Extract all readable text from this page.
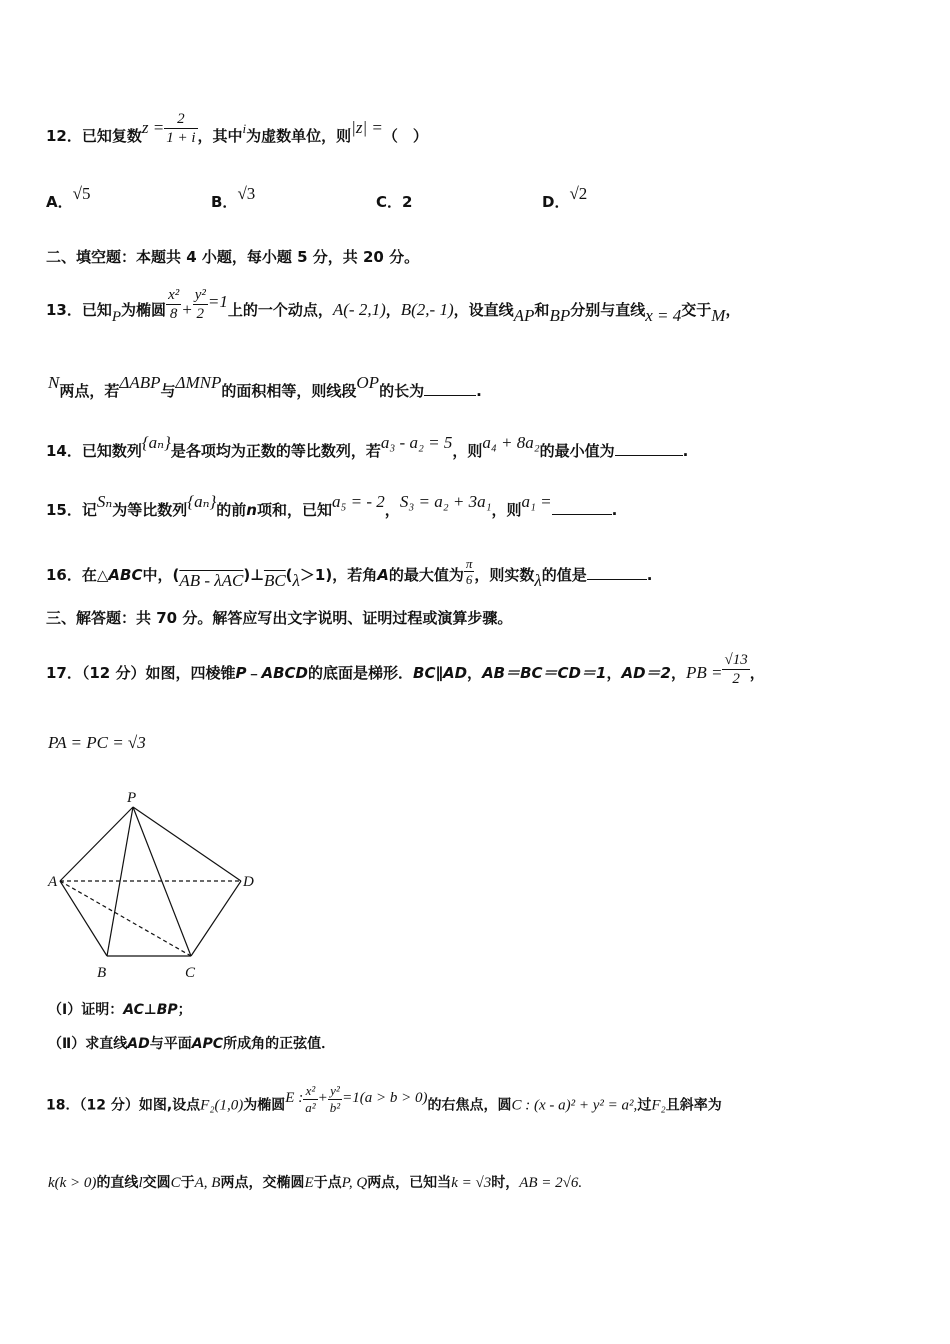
12．已知复数$z = \frac{2}{1 + i}$ ，其中i为虚数单位，则|z| =（　）
A．√5	B．√3	C．2	D．√2
二、填空题：本题共 4 小题，每小题 5 分，共 20 分。
13．已知P为椭圆 $\frac{\text{x²}}{8} + \frac{\text{y²}}{2} =1$上的一个动点，A(- 2,1)，B(2,- 1)，设直线AP和BP分别与直线x = 4交于M，
N两点，若ΔABP与ΔMNP的面积相等，则线段OP的长为	.
14．已知数列{aₙ}是各项均为正数的等比数列，若a₃ - a₂ = 5，则a₄ + 8a₂的最小值为	.
15．记Sₙ为等比数列{aₙ}的前n项和，已知a₅ = - 2，S₃ = a₂ + 3a₁，则a₁ =	.
16．在△ABC中，$(AB - \lambda AC)\perp\overline{BC}(\lambda>1)$，若角A的最大值为 $\frac{\pi}{6}$ ，则实数λ的值是	.
三、解答题：共 70 分。解答应写出文字说明、证明过程或演算步骤。
17．（12 分）如图，四棱锥P﹣ABCD的底面是梯形．BC∥AD，AB＝BC＝CD＝1，AD＝2，PB = $\frac{√13}{2}$ ，
PA = PC = √3
P
A	D
B	C
（Ⅰ）证明：AC⊥BP；
（Ⅱ）求直线AD与平面APC所成角的正弦值．
18．（12 分）如图,设点F₂(1,0)为椭圆E : $\frac{\text{x²}}{\text{a²}} + \frac{\text{y²}}{\text{b²}} =1(a > b > 0)$的右焦点，圆C : (x - a)² + y² = a²,过F₂且斜率为
k(k > 0)的直线l交圆C于A, B两点，交椭圆E于点P, Q两点，已知当k = √3时，AB = 2√6.
